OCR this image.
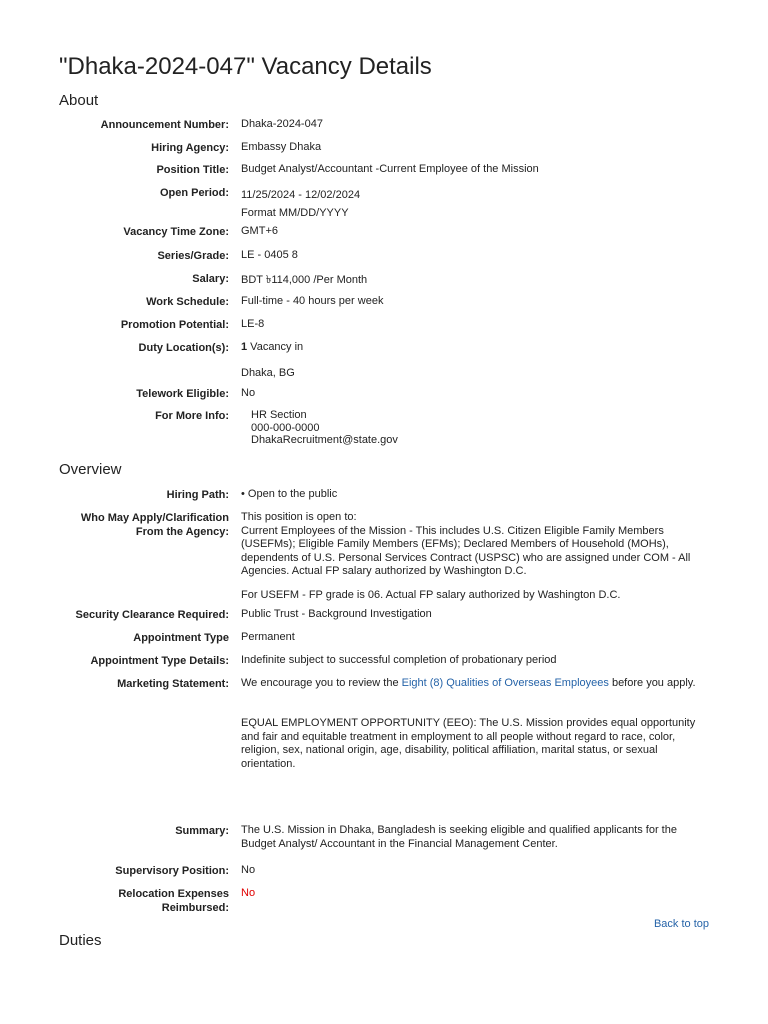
"Dhaka-2024-047" Vacancy Details
About
Announcement Number: Dhaka-2024-047
Hiring Agency: Embassy Dhaka
Position Title: Budget Analyst/Accountant -Current Employee of the Mission
Open Period: 11/25/2024 - 12/02/2024
Format MM/DD/YYYY
Vacancy Time Zone: GMT+6
Series/Grade: LE - 0405 8
Salary: BDT ৳114,000 /Per Month
Work Schedule: Full-time - 40 hours per week
Promotion Potential: LE-8
Duty Location(s): 1 Vacancy in
Dhaka, BG
Telework Eligible: No
For More Info: HR Section
000-000-0000
DhakaRecruitment@state.gov
Overview
Hiring Path:
•	Open to the public
Who May Apply/Clarification
From the Agency:
This position is open to:
Current Employees of the Mission - This includes U.S. Citizen Eligible Family Members (USEFMs); Eligible Family Members (EFMs); Declared Members of Household (MOHs), dependents of U.S. Personal Services Contract (USPSC) who are assigned under COM - All Agencies. Actual FP salary authorized by Washington D.C.
For USEFM - FP grade is 06. Actual FP salary authorized by Washington D.C.
Security Clearance Required: Public Trust - Background Investigation
Appointment Type Permanent
Appointment Type Details: Indefinite subject to successful completion of probationary period
Marketing Statement: We encourage you to review the Eight (8) Qualities of Overseas Employees before you apply.
EQUAL EMPLOYMENT OPPORTUNITY (EEO): The U.S. Mission provides equal opportunity and fair and equitable treatment in employment to all people without regard to race, color, religion, sex, national origin, age, disability, political affiliation, marital status, or sexual orientation.
Summary: The U.S. Mission in Dhaka, Bangladesh is seeking eligible and qualified applicants for the Budget Analyst/ Accountant in the Financial Management Center.
Supervisory Position: No
Relocation Expenses
Reimbursed:
No
Back to top
Duties
